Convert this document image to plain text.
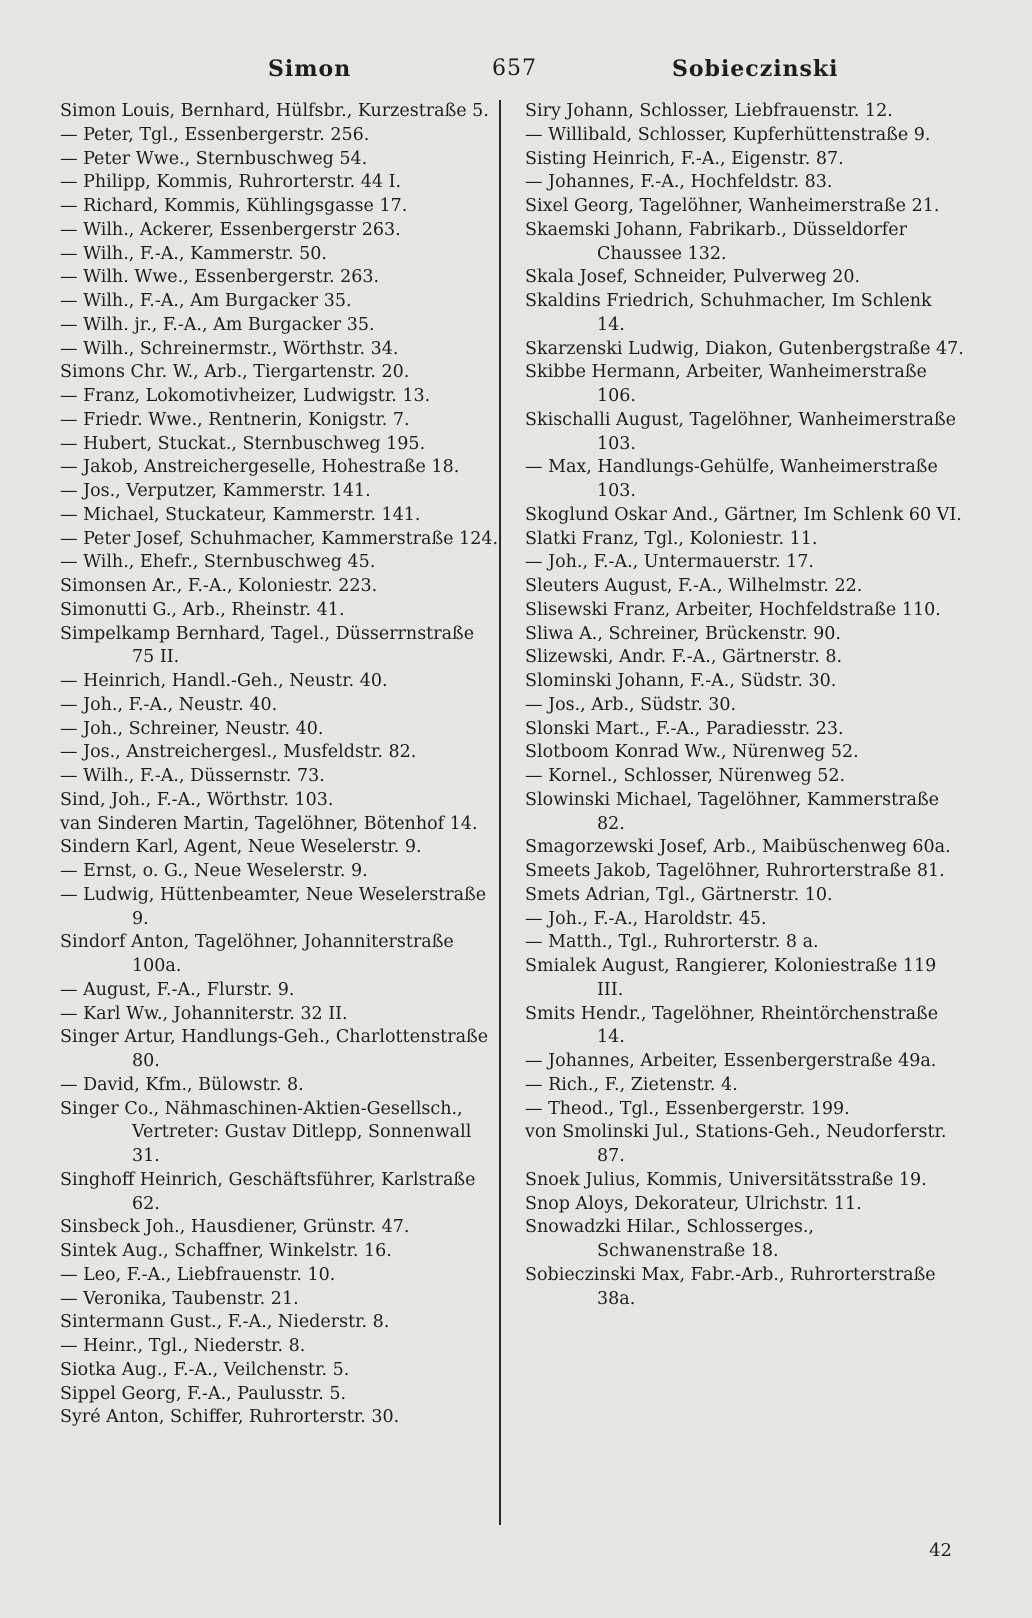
Simon	657	Sobieczinski

Simon Louis, Bernhard, Hülfsbr., Kurzestraße 5.

— Peter, Tgl., Essenbergerstr. 256.

— Peter Wwe., Sternbuschweg 54.

— Philipp, Kommis, Ruhrorterstr. 44 I.

— Richard, Kommis, Kühlingsgasse 17.

— Wilh., Ackerer, Essenbergerstr 263.

— Wilh., F.-A., Kammerstr. 50.

— Wilh. Wwe., Essenbergerstr. 263.

— Wilh., F.-A., Am Burgacker 35.

— Wilh. jr., F.-A., Am Burgacker 35.

— Wilh., Schreinermstr., Wörthstr. 34.

Simons Chr. W., Arb., Tiergartenstr. 20.

— Franz, Lokomotivheizer, Ludwigstr. 13.

— Friedr. Wwe., Rentnerin, Konigstr. 7.

— Hubert, Stuckat., Sternbuschweg 195.

— Jakob, Anstreichergeselle, Hohestraße 18.

— Jos., Verputzer, Kammerstr. 141.

— Michael, Stuckateur, Kammerstr. 141.

— Peter Josef, Schuhmacher, Kammerstraße 124.

— Wilh., Ehefr., Sternbuschweg 45.

Simonsen Ar., F.-A., Koloniestr. 223.

Simonutti G., Arb., Rheinstr. 41.

Simpelkamp Bernhard, Tagel., Düsserrnstraße 75 II.

— Heinrich, Handl.-Geh., Neustr. 40.

— Joh., F.-A., Neustr. 40.

— Joh., Schreiner, Neustr. 40.

— Jos., Anstreichergesl., Musfeldstr. 82.

— Wilh., F.-A., Düssernstr. 73.

Sind, Joh., F.-A., Wörthstr. 103.

van Sinderen Martin, Tagelöhner, Bötenhof 14.

Sindern Karl, Agent, Neue Weselerstr. 9.

— Ernst, o. G., Neue Weselerstr. 9.

— Ludwig, Hüttenbeamter, Neue Weselerstraße 9.

Sindorf Anton, Tagelöhner, Johanniterstraße 100a.

— August, F.-A., Flurstr. 9.

— Karl Ww., Johanniterstr. 32 II.

Singer Artur, Handlungs-Geh., Charlottenstraße 80.

— David, Kfm., Bülowstr. 8.

Singer Co., Nähmaschinen-Aktien-Gesellsch., Vertreter: Gustav Ditlepp, Sonnenwall 31.

Singhoff Heinrich, Geschäftsführer, Karlstraße 62.

Sinsbeck Joh., Hausdiener, Grünstr. 47.

Sintek Aug., Schaffner, Winkelstr. 16.

— Leo, F.-A., Liebfrauenstr. 10.

— Veronika, Taubenstr. 21.

Sintermann Gust., F.-A., Niederstr. 8.

— Heinr., Tgl., Niederstr. 8.

Siotka Aug., F.-A., Veilchenstr. 5.

Sippel Georg, F.-A., Paulusstr. 5.

Syré Anton, Schiffer, Ruhrorterstr. 30.

Siry Johann, Schlosser, Liebfrauenstr. 12.

— Willibald, Schlosser, Kupferhüttenstraße 9.

Sisting Heinrich, F.-A., Eigenstr. 87.

— Johannes, F.-A., Hochfeldstr. 83.

Sixel Georg, Tagelöhner, Wanheimerstraße 21.

Skaemski Johann, Fabrikarb., Düsseldorfer Chaussee 132.

Skala Josef, Schneider, Pulverweg 20.

Skaldins Friedrich, Schuhmacher, Im Schlenk 14.

Skarzenski Ludwig, Diakon, Gutenbergstraße 47.

Skibbe Hermann, Arbeiter, Wanheimerstraße 106.

Skischalli August, Tagelöhner, Wanheimerstraße 103.

— Max, Handlungs-Gehülfe, Wanheimerstraße 103.

Skoglund Oskar And., Gärtner, Im Schlenk 60 VI.

Slatki Franz, Tgl., Koloniestr. 11.

— Joh., F.-A., Untermauerstr. 17.

Sleuters August, F.-A., Wilhelmstr. 22.

Slisewski Franz, Arbeiter, Hochfeldstraße 110.

Sliwa A., Schreiner, Brückenstr. 90.

Slizewski, Andr. F.-A., Gärtnerstr. 8.

Slominski Johann, F.-A., Südstr. 30.

— Jos., Arb., Südstr. 30.

Slonski Mart., F.-A., Paradiesstr. 23.

Slotboom Konrad Ww., Nürenweg 52.

— Kornel., Schlosser, Nürenweg 52.

Slowinski Michael, Tagelöhner, Kammerstraße 82.

Smagorzewski Josef, Arb., Maibüschenweg 60a.

Smeets Jakob, Tagelöhner, Ruhrorterstraße 81.

Smets Adrian, Tgl., Gärtnerstr. 10.

— Joh., F.-A., Haroldstr. 45.

— Matth., Tgl., Ruhrorterstr. 8 a.

Smialek August, Rangierer, Koloniestraße 119 III.

Smits Hendr., Tagelöhner, Rheintörchenstraße 14.

— Johannes, Arbeiter, Essenbergerstraße 49a.

— Rich., F., Zietenstr. 4.

— Theod., Tgl., Essenbergerstr. 199.

von Smolinski Jul., Stations-Geh., Neudorferstr. 87.

Snoek Julius, Kommis, Universitätsstraße 19.

Snop Aloys, Dekorateur, Ulrichstr. 11.

Snowadzki Hilar., Schlosserges., Schwanenstraße 18.

Sobieczinski Max, Fabr.-Arb., Ruhrorterstraße 38a.

42
